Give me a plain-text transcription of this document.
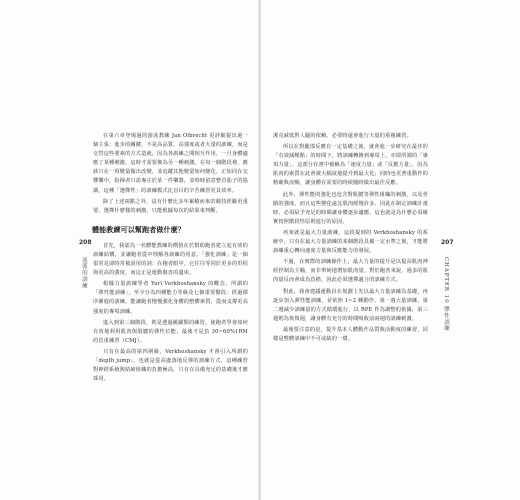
208
流派的訓練

在第六章登場過的游泳教練 Jan Olbrecht 更詳細提出過一個主張：進步的關鍵，不是高品質、高強度或者大量的訓練，而是交替這些要素的方式造就。因為各訓練之間相互作用，一旦身體適應了某種刺激，這時才需要換為另一種刺激。在每一個階段裡，應該只在一項變量做出改變，並追蹤其他變量如何變化。正如同在交響樂中，指揮者只需專注於某一件樂器，並時時留意整首曲子的協調，這種「選擇性」的訓練模式比盲目的辛苦練習更具效率。

除了上述兩點之外，沒有什麼比多年累積而來的競技經驗更重要，選擇什麼樣的刺激，只能根據每次的結果來判斷。

體能教練可以幫跑者做什麼？

首先，我認為一名體能教練的價值在於幫助跑者建立起有效的訓練結構，並讓跑者從中理解各訓練的用意。「強化訓練」是一個很常見卻時常被誤用的詞：在跑者眼中，它往往等同於更多的里程與更高的強度，而這正是運動傷害的溫床。

根據力量訓練學者 Yuri Verkhoshansky 的概念，所謂的「彈性能訓練」，至少分為四種能力等級及七個重要階段：經過循序漸進的訓練，能讓跑者慢慢強化身體的整體素質，從而支撐更高強度的專項訓練。

進入到第三個階段，則是透過跳躍類的練習，使跑者學會如何有效地利用肌肉與肌腱的彈性位能，最後才是負 30~60%1RM 的負重練習（CMJ）。

只有在最高的第四層級，Verkhoshansky 才會引入所謂的「depth jump」，也就是從高處落地反彈的訓練方式，這種練習對神經系統與結締組織的負擔極高，只有在具備充足的基礎後才應採用。

207
CHAPTER 10 彈性訓練

潔克減低對人腿的依賴，必要時還會進行大量的重複練習。

所以在對腿部反應有一定基礎之後，就會進一步研究在最佳的「有效減壓點」的時間下，將訓練轉換到專項上，亦即所謂的「專項力量」。這部分在書中被稱為「速度力量」或「反應力量」，因為肌肉的素質在此會被大幅度地提升到最大化；同時也更著重動作的精確與流暢，讓身體在需要的時候隨時做出最佳反應。

此外，彈性能的強化也包含對肌腱等彈性組織的刺激，以及骨骼的強度，而且這些變化遠比肌肉緩慢許多，因此在制定訓練計畫時，必須給予充足的時間讓身體逐步適應，這也就是為什麼必須確實按照階段性原則進行的原因。

再來就是最大力量訓練，這段提到的 Verkhoshansky 的系統中，只有在最大力量訓練的某個階段具備一定水準之後，才能將訓練重心轉向速度力量與反應能力的發展。

不過，在實際的訓練操作上，最大力量的提升是以提高肌肉神經控制為主軸，而非單純地增加肌肉量。對於跑者來說，過多的肌肉量反而會成為負擔，因此必須選擇適合的訓練方式。

對此，我會建議運動員在規劃上先以最大力量訓練為基礎，再逐步加入彈性能訓練，並依照 1~2 種動作、第一週大量訓練，第二週減少訓練量的方式循環進行，以 RPE 作為調整的依據，第三週則為恢復週，讓身體有充分的時間吸收前兩週的訓練刺激。

最後要注意的是，提升基本人體動作品質與活動度的練習，同樣是整體訓練中不可或缺的一環。
